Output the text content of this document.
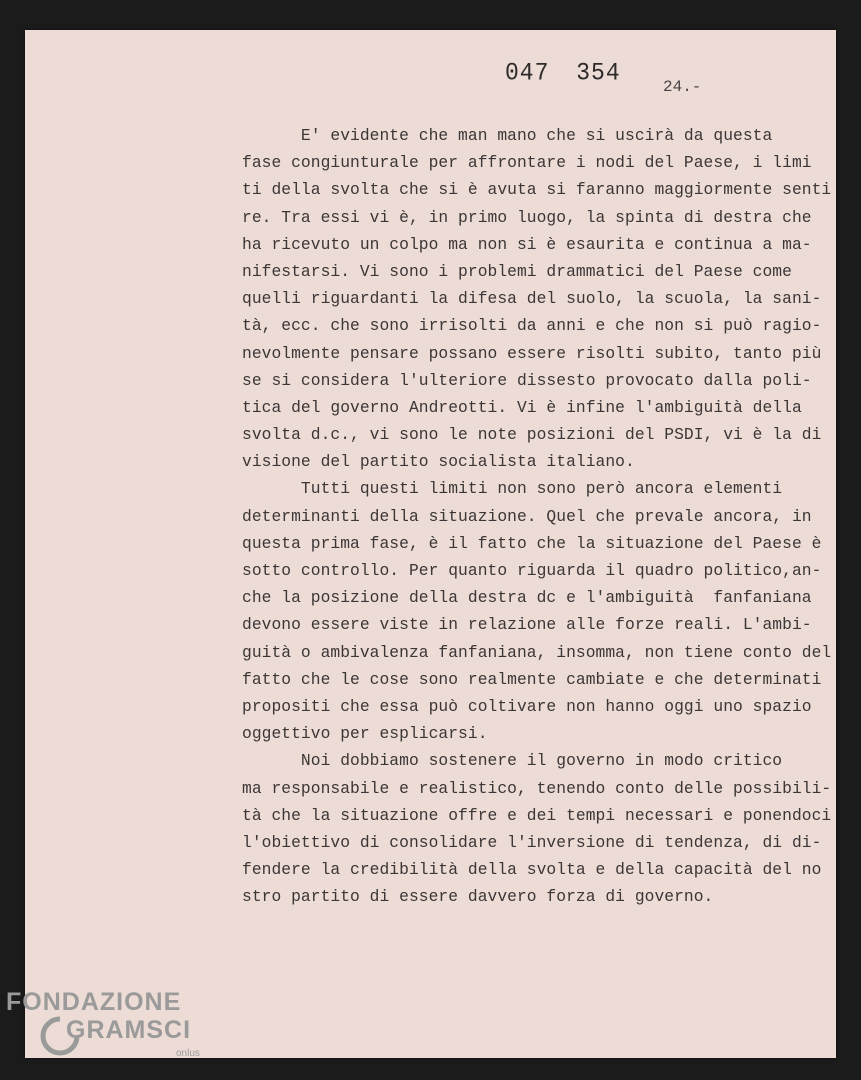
047 354	24.-
E' evidente che man mano che si uscirà da questa
fase congiunturale per affrontare i nodi del Paese, i limi
ti della svolta che si è avuta si faranno maggiormente senti
re. Tra essi vi è, in primo luogo, la spinta di destra che
ha ricevuto un colpo ma non si è esaurita e continua a ma-
nifestarsi. Vi sono i problemi drammatici del Paese come
quelli riguardanti la difesa del suolo, la scuola, la sani-
tà, ecc. che sono irrisolti da anni e che non si può ragio-
nevolmente pensare possano essere risolti subito, tanto più
se si considera l'ulteriore dissesto provocato dalla poli-
tica del governo Andreotti. Vi è infine l'ambiguità della
svolta d.c., vi sono le note posizioni del PSDI, vi è la di
visione del partito socialista italiano.
Tutti questi limiti non sono però ancora elementi
determinanti della situazione. Quel che prevale ancora, in
questa prima fase, è il fatto che la situazione del Paese è
sotto controllo. Per quanto riguarda il quadro politico,an-
che la posizione della destra dc e l'ambiguità  fanfaniana
devono essere viste in relazione alle forze reali. L'ambi-
guità o ambivalenza fanfaniana, insomma, non tiene conto del
fatto che le cose sono realmente cambiate e che determinati
propositi che essa può coltivare non hanno oggi uno spazio
oggettivo per esplicarsi.
Noi dobbiamo sostenere il governo in modo critico
ma responsabile e realistico, tenendo conto delle possibili-
tà che la situazione offre e dei tempi necessari e ponendoci
l'obiettivo di consolidare l'inversione di tendenza, di di-
fendere la credibilità della svolta e della capacità del no
stro partito di essere davvero forza di governo.
FONDAZIONE
GRAMSCI
onlus
